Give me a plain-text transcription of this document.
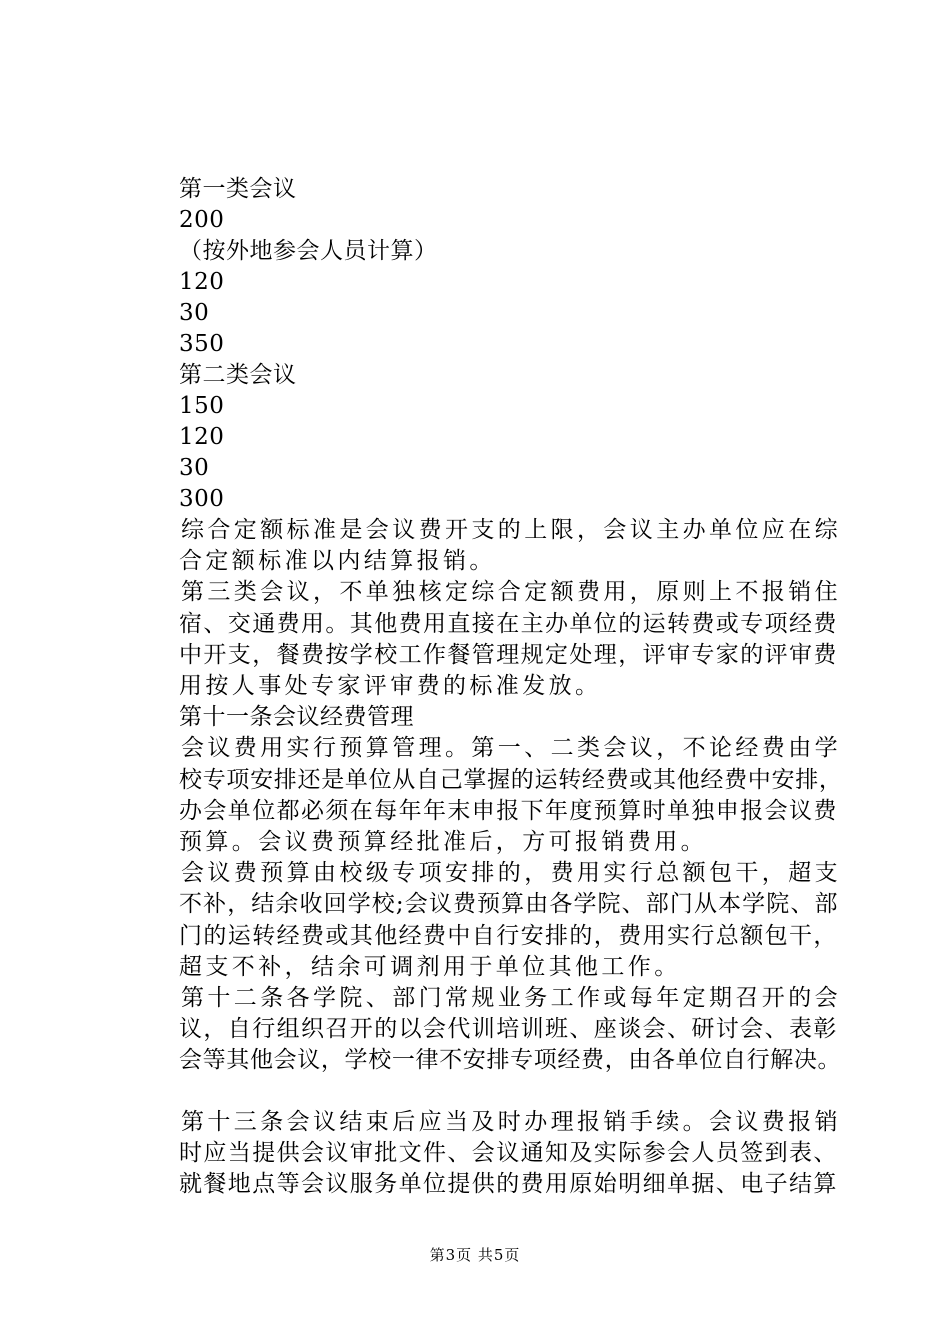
第一类会议
200
（按外地参会人员计算）
120
30
350
第二类会议
150
120
30
300
综合定额标准是会议费开支的上限，会议主办单位应在综
合定额标准以内结算报销。
第三类会议，不单独核定综合定额费用，原则上不报销住
宿、交通费用。其他费用直接在主办单位的运转费或专项经费
中开支，餐费按学校工作餐管理规定处理，评审专家的评审费
用按人事处专家评审费的标准发放。
第十一条会议经费管理
会议费用实行预算管理。第一、二类会议，不论经费由学
校专项安排还是单位从自己掌握的运转经费或其他经费中安排，
办会单位都必须在每年年末申报下年度预算时单独申报会议费
预算。会议费预算经批准后，方可报销费用。
会议费预算由校级专项安排的，费用实行总额包干，超支
不补，结余收回学校;会议费预算由各学院、部门从本学院、部
门的运转经费或其他经费中自行安排的，费用实行总额包干，
超支不补，结余可调剂用于单位其他工作。
第十二条各学院、部门常规业务工作或每年定期召开的会
议，自行组织召开的以会代训培训班、座谈会、研讨会、表彰
会等其他会议，学校一律不安排专项经费，由各单位自行解决。
第十三条会议结束后应当及时办理报销手续。会议费报销
时应当提供会议审批文件、会议通知及实际参会人员签到表、
就餐地点等会议服务单位提供的费用原始明细单据、电子结算
第3页 共5页
